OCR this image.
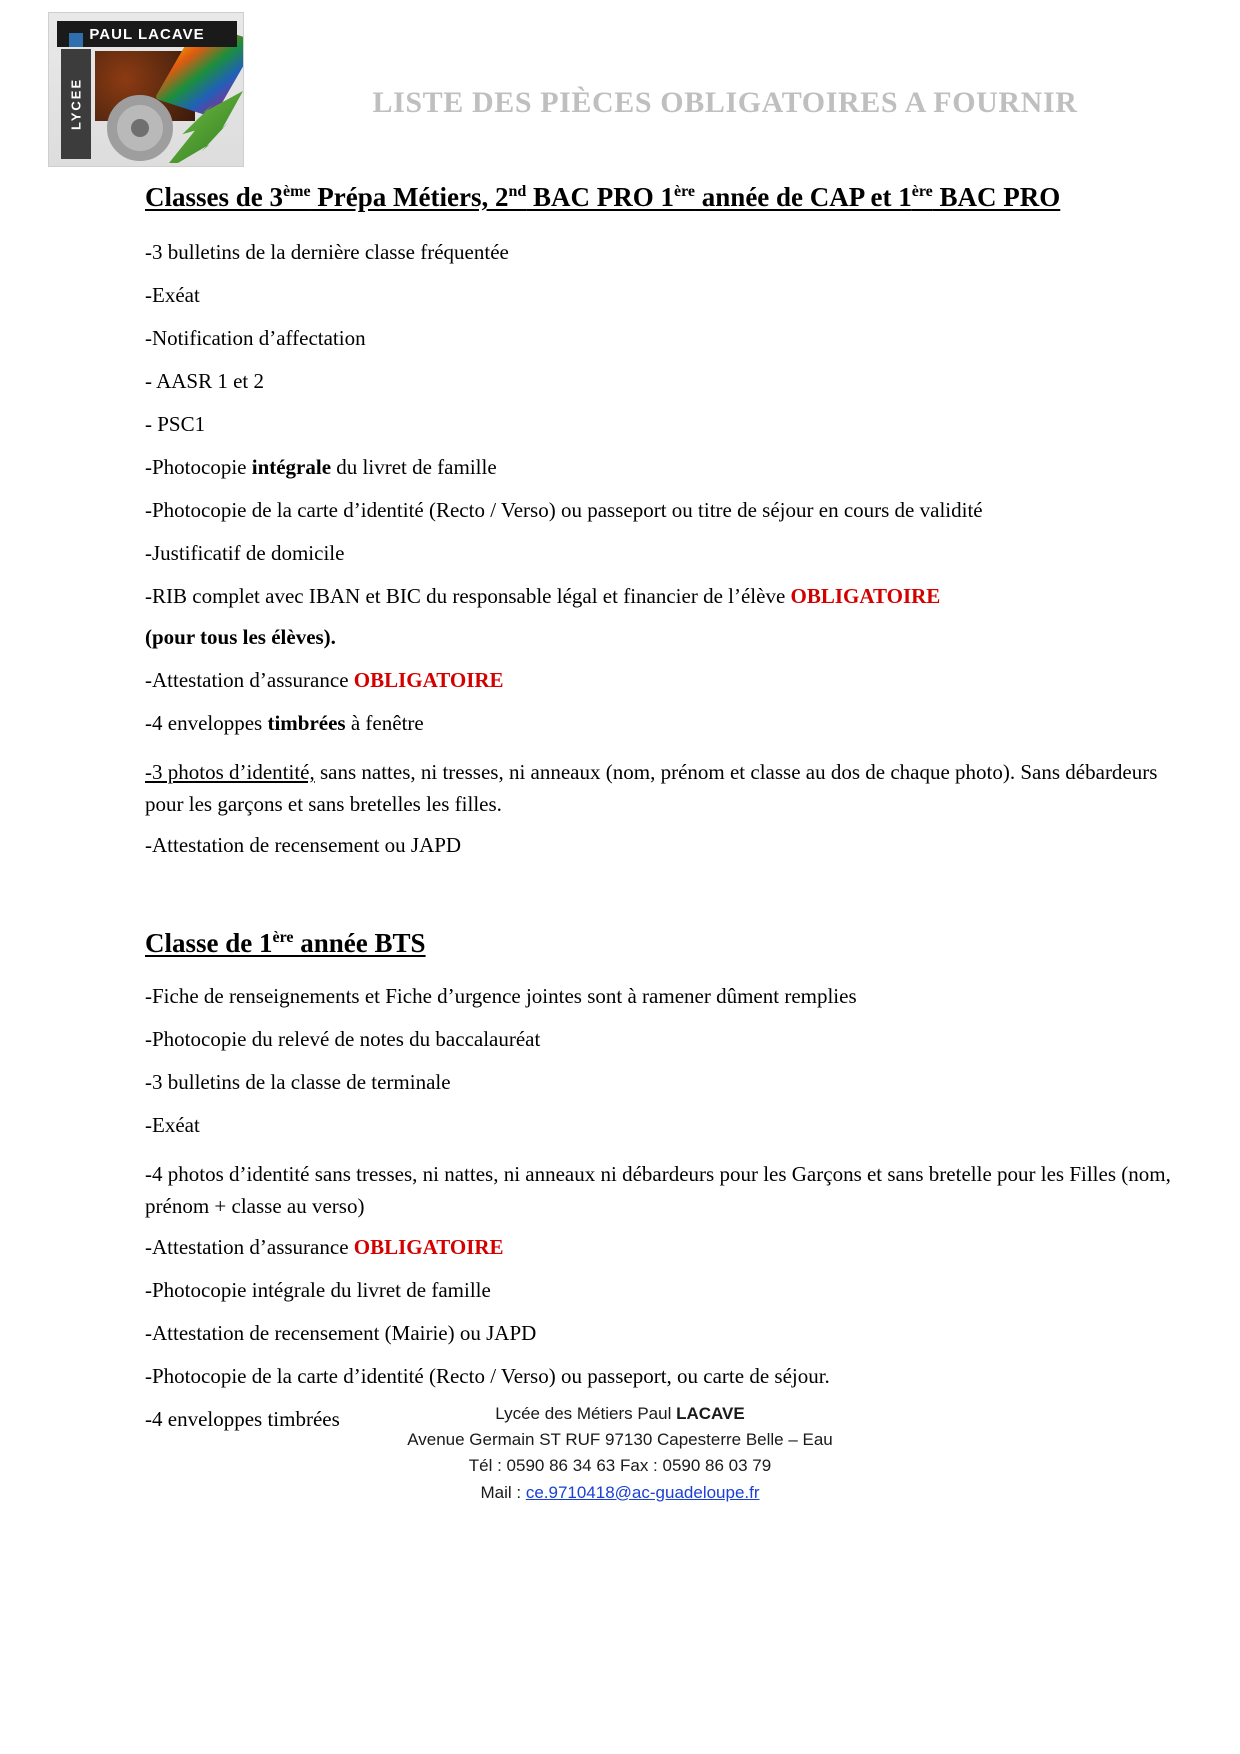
PAUL LACAVE
LYCEE	LISTE DES PIÈCES OBLIGATOIRES A FOURNIR
Classes de 3ème Prépa Métiers, 2nd BAC PRO 1ère année de CAP et 1ère BAC PRO

-3 bulletins de la dernière classe fréquentée

-Exéat

-Notification d’affectation

- AASR 1 et 2

- PSC1

-Photocopie intégrale du livret de famille

-Photocopie de la carte d’identité (Recto / Verso) ou passeport ou titre de séjour en cours de validité

-Justificatif de domicile

-RIB complet avec IBAN et BIC du responsable légal et financier de l’élève OBLIGATOIRE

(pour tous les élèves).

-Attestation d’assurance OBLIGATOIRE

-4 enveloppes timbrées à fenêtre

-3 photos d’identité, sans nattes, ni tresses, ni anneaux (nom, prénom et classe au dos de chaque photo). Sans débardeurs pour les garçons et sans bretelles les filles.

-Attestation de recensement ou JAPD

Classe de 1ère année BTS

-Fiche de renseignements et Fiche d’urgence jointes sont à ramener dûment remplies

-Photocopie du relevé de notes du baccalauréat

-3 bulletins de la classe de terminale

-Exéat

-4 photos d’identité sans tresses, ni nattes, ni anneaux ni débardeurs pour les Garçons et sans bretelle pour les Filles (nom, prénom + classe au verso)

-Attestation d’assurance OBLIGATOIRE

-Photocopie intégrale du livret de famille

-Attestation de recensement (Mairie) ou JAPD

-Photocopie de la carte d’identité (Recto / Verso) ou passeport, ou carte de séjour.

-4 enveloppes timbrées	Lycée des Métiers Paul LACAVE
Avenue Germain ST RUF 97130 Capesterre Belle – Eau
Tél : 0590 86 34 63 Fax : 0590 86 03 79
Mail : ce.9710418@ac-guadeloupe.fr
